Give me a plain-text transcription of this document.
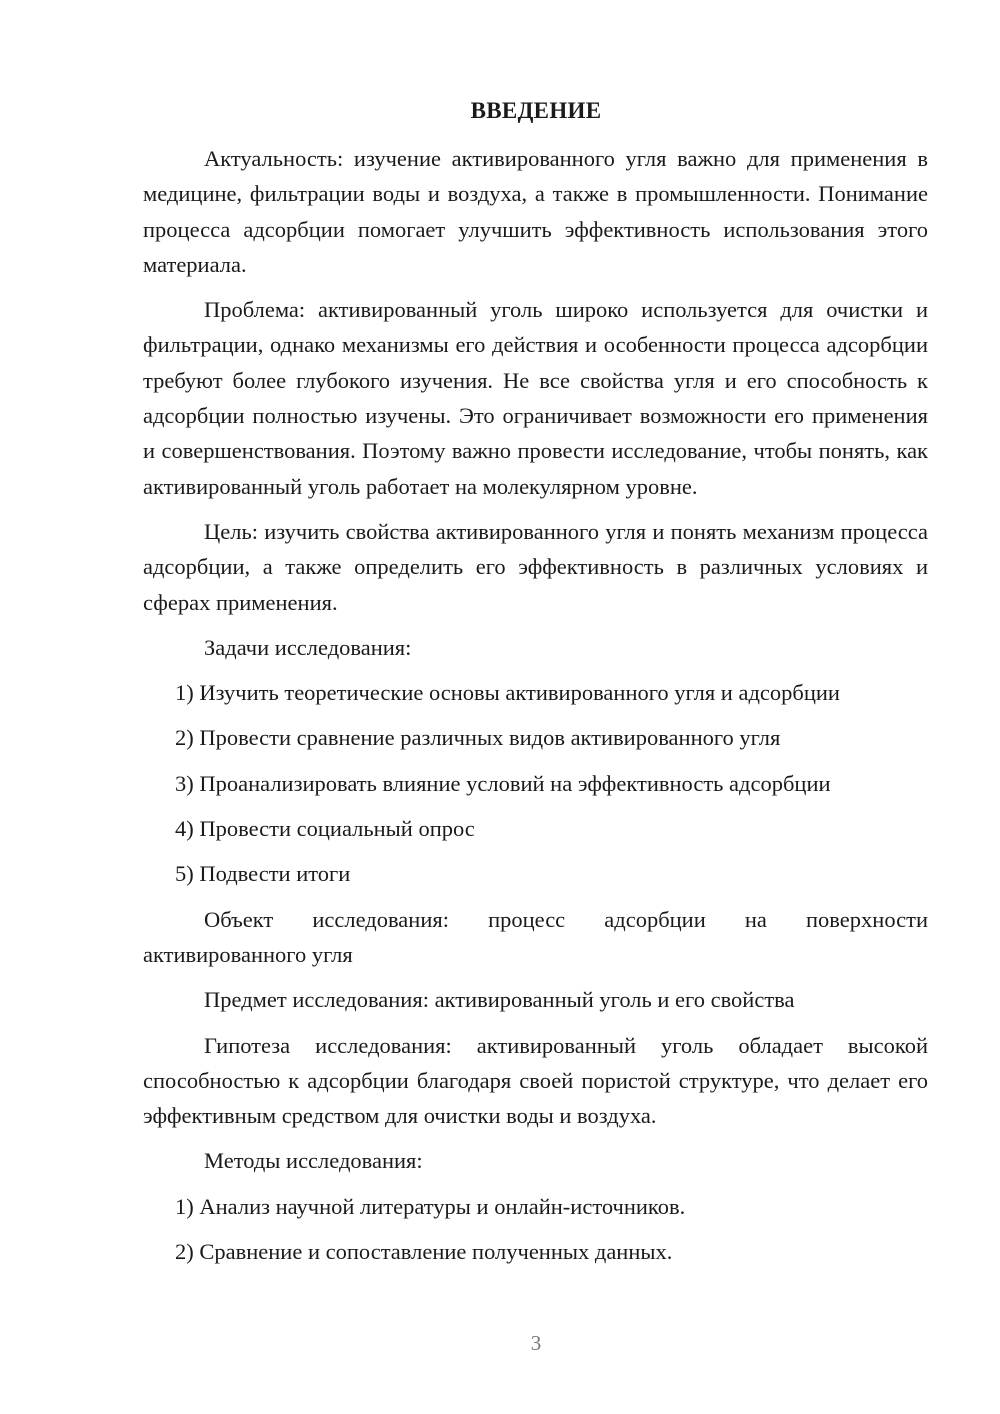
ВВЕДЕНИЕ

Актуальность: изучение активированного угля важно для применения в медицине, фильтрации воды и воздуха, а также в промышленности. Понимание процесса адсорбции помогает улучшить эффективность использования этого материала.

Проблема: активированный уголь широко используется для очистки и фильтрации, однако механизмы его действия и особенности процесса адсорбции требуют более глубокого изучения. Не все свойства угля и его способность к адсорбции полностью изучены. Это ограничивает возможности его применения и совершенствования. Поэтому важно провести исследование, чтобы понять, как активированный уголь работает на молекулярном уровне.

Цель: изучить свойства активированного угля и понять механизм процесса адсорбции, а также определить его эффективность в различных условиях и сферах применения.

Задачи исследования:

1) Изучить теоретические основы активированного угля и адсорбции

2) Провести сравнение различных видов активированного угля

3) Проанализировать влияние условий на эффективность адсорбции

4) Провести социальный опрос

5) Подвести итоги

Объект исследования: процесс адсорбции на поверхности активированного угля

Предмет исследования: активированный уголь и его свойства

Гипотеза исследования: активированный уголь обладает высокой способностью к адсорбции благодаря своей пористой структуре, что делает его эффективным средством для очистки воды и воздуха.

Методы исследования:

1) Анализ научной литературы и онлайн-источников.

2) Сравнение и сопоставление полученных данных.

3
